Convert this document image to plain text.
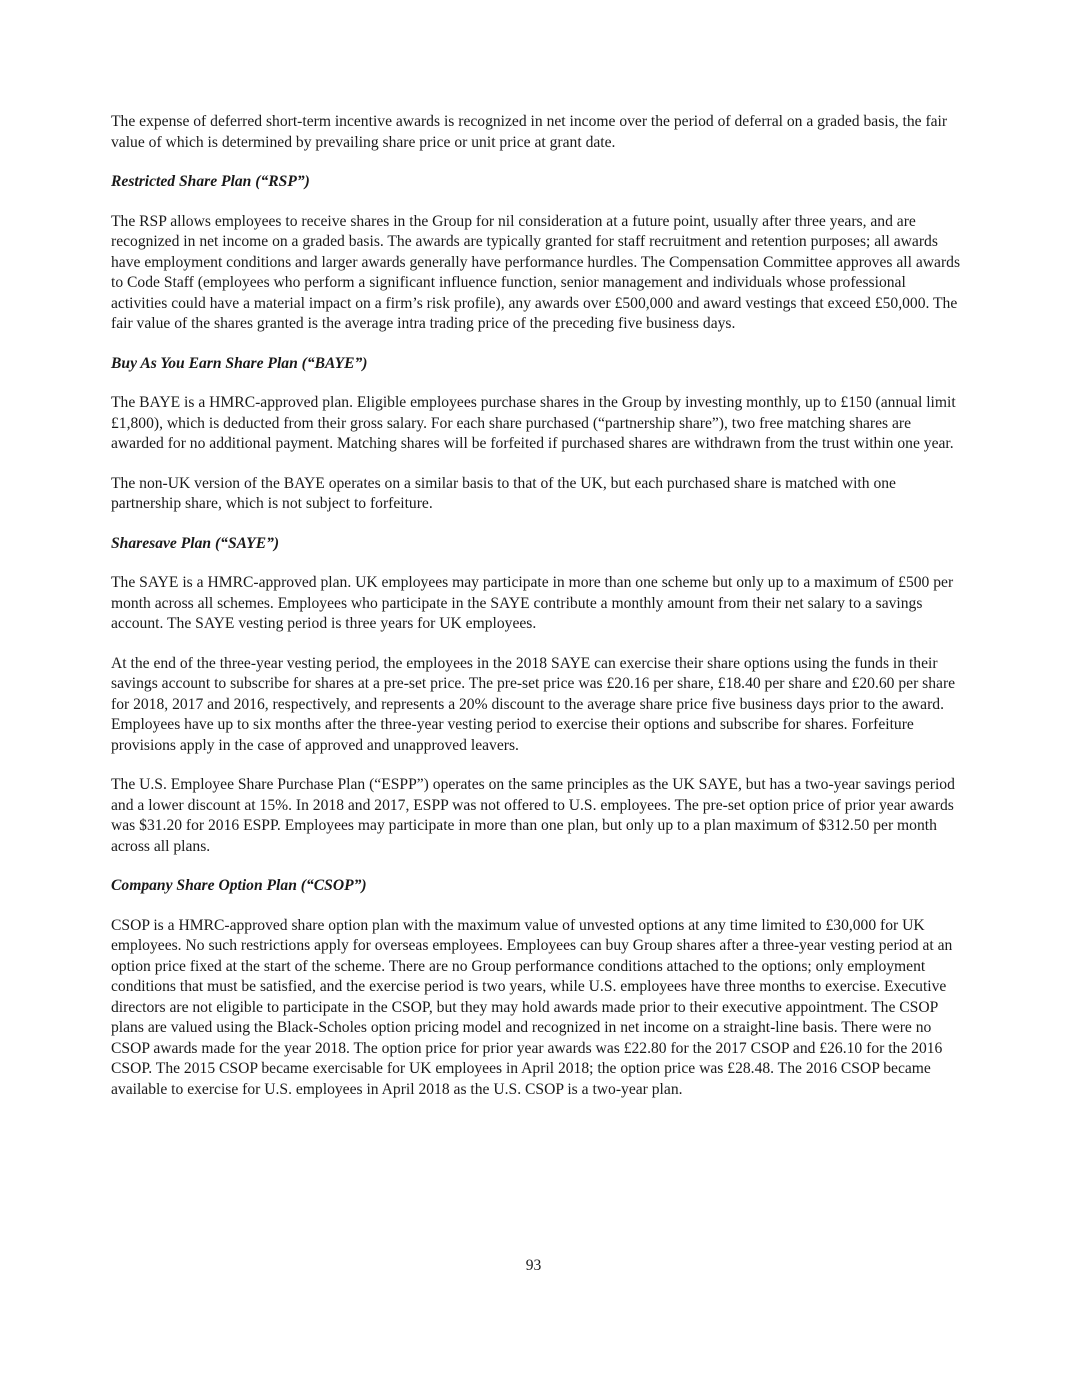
The expense of deferred short-term incentive awards is recognized in net income over the period of deferral on a graded basis, the fair value of which is determined by prevailing share price or unit price at grant date.

Restricted Share Plan (“RSP”)

The RSP allows employees to receive shares in the Group for nil consideration at a future point, usually after three years, and are recognized in net income on a graded basis. The awards are typically granted for staff recruitment and retention purposes; all awards have employment conditions and larger awards generally have performance hurdles. The Compensation Committee approves all awards to Code Staff (employees who perform a significant influence function, senior management and individuals whose professional activities could have a material impact on a firm’s risk profile), any awards over £500,000 and award vestings that exceed £50,000. The fair value of the shares granted is the average intra trading price of the preceding five business days.

Buy As You Earn Share Plan (“BAYE”)

The BAYE is a HMRC-approved plan. Eligible employees purchase shares in the Group by investing monthly, up to £150 (annual limit £1,800), which is deducted from their gross salary. For each share purchased (“partnership share”), two free matching shares are awarded for no additional payment. Matching shares will be forfeited if purchased shares are withdrawn from the trust within one year.

The non-UK version of the BAYE operates on a similar basis to that of the UK, but each purchased share is matched with one partnership share, which is not subject to forfeiture.

Sharesave Plan (“SAYE”)

The SAYE is a HMRC-approved plan. UK employees may participate in more than one scheme but only up to a maximum of £500 per month across all schemes. Employees who participate in the SAYE contribute a monthly amount from their net salary to a savings account. The SAYE vesting period is three years for UK employees.

At the end of the three-year vesting period, the employees in the 2018 SAYE can exercise their share options using the funds in their savings account to subscribe for shares at a pre-set price. The pre-set price was £20.16 per share, £18.40 per share and £20.60 per share for 2018, 2017 and 2016, respectively, and represents a 20% discount to the average share price five business days prior to the award. Employees have up to six months after the three-year vesting period to exercise their options and subscribe for shares. Forfeiture provisions apply in the case of approved and unapproved leavers.

The U.S. Employee Share Purchase Plan (“ESPP”) operates on the same principles as the UK SAYE, but has a two-year savings period and a lower discount at 15%. In 2018 and 2017, ESPP was not offered to U.S. employees. The pre-set option price of prior year awards was $31.20 for 2016 ESPP. Employees may participate in more than one plan, but only up to a plan maximum of $312.50 per month across all plans.

Company Share Option Plan (“CSOP”)

CSOP is a HMRC-approved share option plan with the maximum value of unvested options at any time limited to £30,000 for UK employees. No such restrictions apply for overseas employees. Employees can buy Group shares after a three-year vesting period at an option price fixed at the start of the scheme. There are no Group performance conditions attached to the options; only employment conditions that must be satisfied, and the exercise period is two years, while U.S. employees have three months to exercise. Executive directors are not eligible to participate in the CSOP, but they may hold awards made prior to their executive appointment. The CSOP plans are valued using the Black-Scholes option pricing model and recognized in net income on a straight-line basis. There were no CSOP awards made for the year 2018. The option price for prior year awards was £22.80 for the 2017 CSOP and £26.10 for the 2016 CSOP. The 2015 CSOP became exercisable for UK employees in April 2018; the option price was £28.48. The 2016 CSOP became available to exercise for U.S. employees in April 2018 as the U.S. CSOP is a two-year plan.

93
